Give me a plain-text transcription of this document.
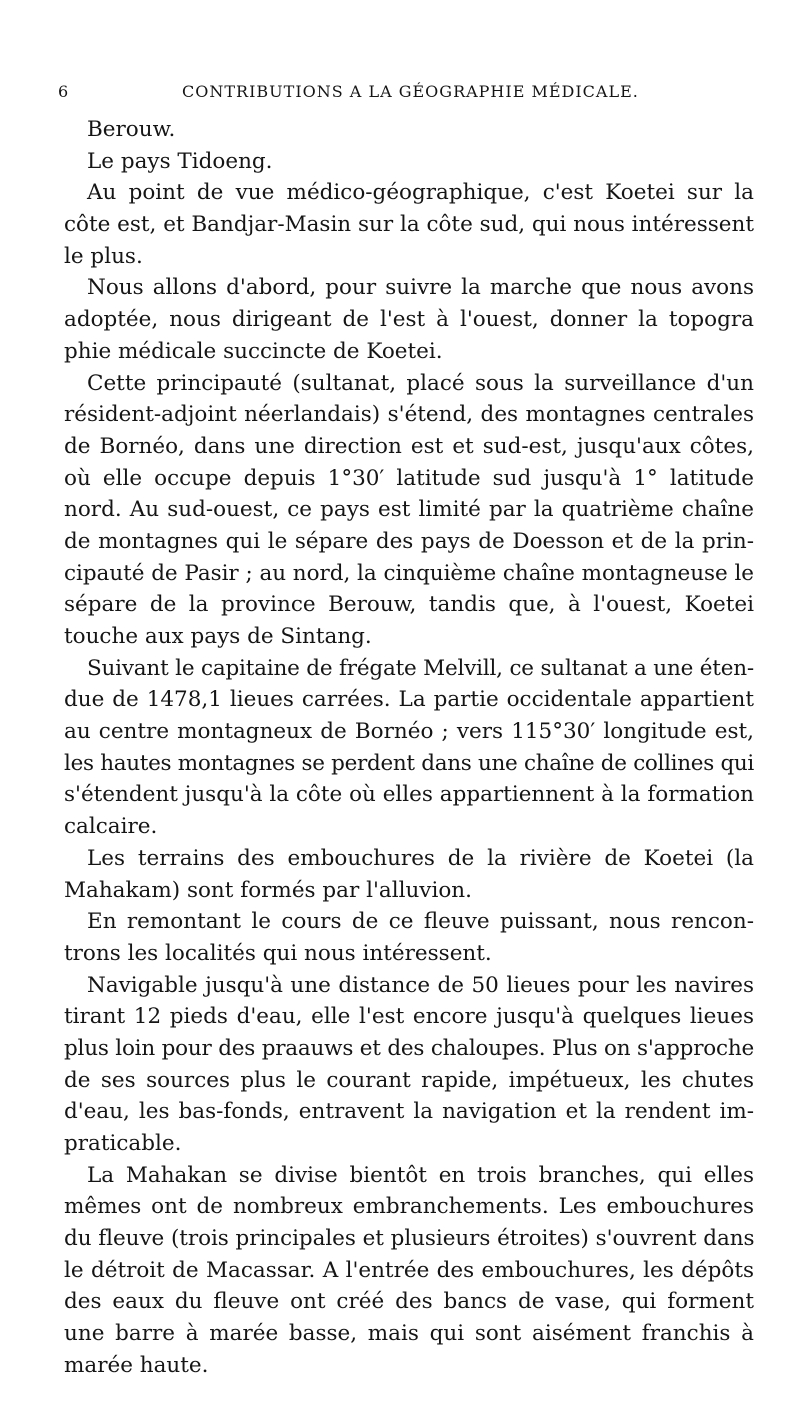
6	CONTRIBUTIONS A LA GÉOGRAPHIE MÉDICALE.
Berouw.
Le pays Tidoeng.
Au point de vue médico-géographique, c'est Koetei sur la
côte est, et Bandjar-Masin sur la côte sud, qui nous intéressent
le plus.
Nous allons d'abord, pour suivre la marche que nous avons
adoptée, nous dirigeant de l'est à l'ouest, donner la topogra
phie médicale succincte de Koetei.
Cette principauté (sultanat, placé sous la surveillance d'un
résident-adjoint néerlandais) s'étend, des montagnes centrales
de Bornéo, dans une direction est et sud-est, jusqu'aux côtes,
où elle occupe depuis 1°30′ latitude sud jusqu'à 1° latitude
nord. Au sud-ouest, ce pays est limité par la quatrième chaîne
de montagnes qui le sépare des pays de Doesson et de la prin-
cipauté de Pasir ; au nord, la cinquième chaîne montagneuse le
sépare de la province Berouw, tandis que, à l'ouest, Koetei
touche aux pays de Sintang.
Suivant le capitaine de frégate Melvill, ce sultanat a une éten-
due de 1478,1 lieues carrées. La partie occidentale appartient
au centre montagneux de Bornéo ; vers 115°30′ longitude est,
les hautes montagnes se perdent dans une chaîne de collines qui
s'étendent jusqu'à la côte où elles appartiennent à la formation
calcaire.
Les terrains des embouchures de la rivière de Koetei (la
Mahakam) sont formés par l'alluvion.
En remontant le cours de ce fleuve puissant, nous rencon-
trons les localités qui nous intéressent.
Navigable jusqu'à une distance de 50 lieues pour les navires
tirant 12 pieds d'eau, elle l'est encore jusqu'à quelques lieues
plus loin pour des praauws et des chaloupes. Plus on s'approche
de ses sources plus le courant rapide, impétueux, les chutes
d'eau, les bas-fonds, entravent la navigation et la rendent im-
praticable.
La Mahakan se divise bientôt en trois branches, qui elles
mêmes ont de nombreux embranchements. Les embouchures
du fleuve (trois principales et plusieurs étroites) s'ouvrent dans
le détroit de Macassar. A l'entrée des embouchures, les dépôts
des eaux du fleuve ont créé des bancs de vase, qui forment
une barre à marée basse, mais qui sont aisément franchis à
marée haute.
